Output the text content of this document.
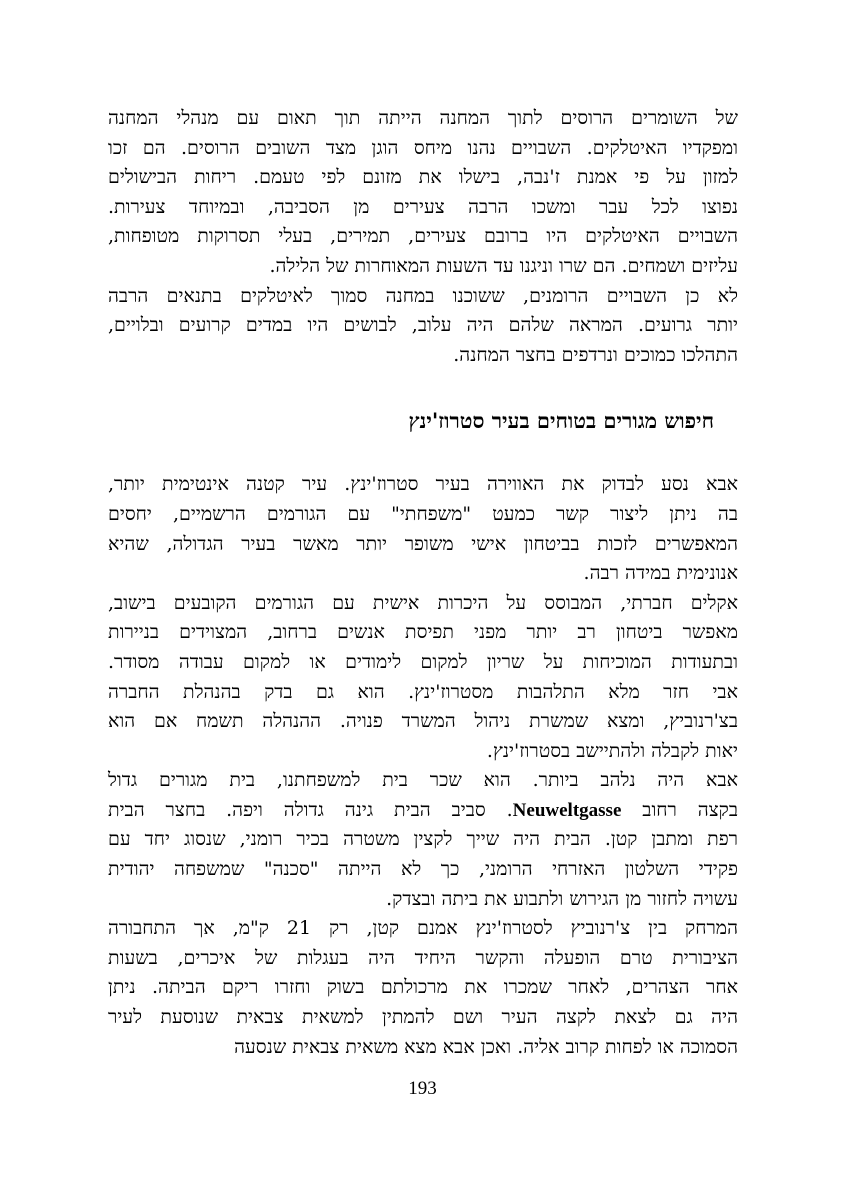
של השומרים הרוסים לתוך המחנה הייתה תוך תאום עם מנהלי המחנה
ומפקדיו האיטלקים. השבויים נהנו מיחס הוגן מצד השובים הרוסים. הם זכו
למזון על פי אמנת ז'נבה, בישלו את מזונם לפי טעמם. ריחות הבישולים
נפוצו לכל עבר ומשכו הרבה צעירים מן הסביבה, ובמיוחד צעירות.
השבויים האיטלקים היו ברובם צעירים, תמירים, בעלי תסרוקות מטופחות,
עליזים ושמחים. הם שרו וניגנו עד השעות המאוחרות של הלילה.
לא כן השבויים הרומנים, ששוכנו במחנה סמוך לאיטלקים בתנאים הרבה
יותר גרועים. המראה שלהם היה עלוב, לבושים היו במדים קרועים ובלויים,
התהלכו כמוכים ונרדפים בחצר המחנה.
חיפוש מגורים בטוחים בעיר סטרוז'ינץ
אבא נסע לבדוק את האווירה בעיר סטרוז'ינץ. עיר קטנה אינטימית יותר,
בה ניתן ליצור קשר כמעט "משפחתי" עם הגורמים הרשמיים, יחסים
המאפשרים לזכות בביטחון אישי משופר יותר מאשר בעיר הגדולה, שהיא
אנונימית במידה רבה.
אקלים חברתי, המבוסס על היכרות אישית עם הגורמים הקובעים בישוב,
מאפשר ביטחון רב יותר מפני תפיסת אנשים ברחוב, המצוידים בניירות
ובתעודות המוכיחות על שריון למקום לימודים או למקום עבודה מסודר.
אבי חזר מלא התלהבות מסטרוז'ינץ. הוא גם בדק בהנהלת החברה
בצ'רנוביץ, ומצא שמשרת ניהול המשרד פנויה. ההנהלה תשמח אם הוא
יאות לקבלה ולהתיישב בסטרוז'ינץ.
אבא היה נלהב ביותר. הוא שכר בית למשפחתנו, בית מגורים גדול
בקצה רחוב Neuweltgasse. סביב הבית גינה גדולה ויפה. בחצר הבית
רפת ומתבן קטן. הבית היה שייך לקצין משטרה בכיר רומני, שנסוג יחד עם
פקידי השלטון האזרחי הרומני, כך לא הייתה "סכנה" שמשפחה יהודית
עשויה לחזור מן הגירוש ולתבוע את ביתה ובצדק.
המרחק בין צ'רנוביץ לסטרוז'ינץ אמנם קטן, רק 21 ק"מ, אך התחבורה
הציבורית טרם הופעלה והקשר היחיד היה בעגלות של איכרים, בשעות
אחר הצהרים, לאחר שמכרו את מרכולתם בשוק וחזרו ריקם הביתה. ניתן
היה גם לצאת לקצה העיר ושם להמתין למשאית צבאית שנוסעת לעיר
הסמוכה או לפחות קרוב אליה. ואכן אבא מצא משאית צבאית שנסעה
193
